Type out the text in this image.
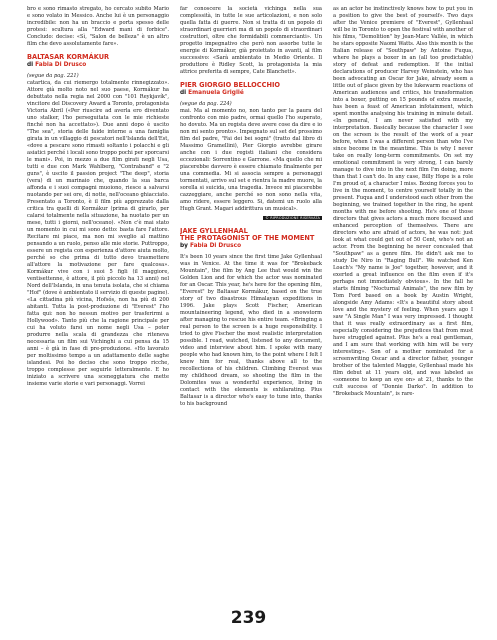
bro e sono rimasto stregato, ho cercato subito Mario e sono volato in Messico. Anche lui è un personaggio incredibile: non ha un braccio e porta spesso delle protesi: scultura alla "Edward mani di forbice". Concludo: decise: «Sì, "Salon de belleza" è un altro film che devo assolutamente fare».

BALTASAR KORMÁKUR
di Fabia Di Drusco

(segue da pag. 221)

catartica, da cui riemergo totalmente rinnegizzato». Attore già molto noto nel suo paese, Kormákur ha debuttato nella regia nel 2000 con "101 Reykjavík", vincitore del Discovery Award a Toronto, protagonista Victoria Abril («Per riuscire ad averla ero diventato uno stalker, l'ho perseguitata con le mie richieste finché non ha accettato»). Due anni dopo è uscito "The sea", storia delle faide interne a una famiglia girata in un villaggio di pescatori nell'Islanda dell'Est, «dove a pescare sono rimasti soltanto i polacchi e gli asiatici perché i locali sono troppo pochi per sporcarsi le mani». Poi, in mezzo a due film girati negli Usa, tutti e due con Mark Wahlberg, "Contraband" e "2 guns", è uscito il passion project "The deep", storia (vera) di un marinaio che, quando la sua barca affonda e i suoi compagni muoiono, riesce a salvarsi nuotando per sei ore, di notte, nell'oceano ghiacciato. Presentato a Toronto, è il film più apprezzato dalla critica tra quelli di Kormákur (prima di girarlo, per calarsi totalmente nella situazione, ha nuotato per un mese, tutti i giorni, nell'oceano). «Non c'è mai stato un momento in cui mi sono detto: basta fare l'attore. Recitare mi piace, ma non mi sveglio al mattino pensando a un ruolo, penso alle mie storie. Puttroppo, essere un regista con esperienza d'attore aiuta molto, perché so che prima di tutto devo trasmettere all'attore la motivazione per fare qualcosa». Kormákur vive con i suoi 5 figli (il maggiore, ventisettenne, è attore, il più piccolo ha 13 anni) nel Nord dell'Islanda, in una tenuta isolata, che si chiama "Hof" (dove è ambientato il servizio di queste pagine). «La cittadina più vicina, Hofsós, non ha più di 200 abitanti. Tutta la post-produzione di "Everest" l'ho fatta qui: non ho nessun motivo per trasferirmi a Hollywood». Tanto più che la ragione principale per cui ha voluto farsi un nome negli Usa – poter produrre nella scala di grandezza che riteneva necessaria un film sui Vichinghi a cui pensa da 15 anni – è già in fase di pre-produzione. «Ho lavorato per moltissimo tempo a un adattamento delle saghe islandesi. Poi ho deciso che sono troppo ricche, troppo complesse per seguirle letteralmente. E ho iniziato a scrivere una sceneggiatura che mette insieme varie storie e vari personaggi. Vorrei

far conoscere la società vichinga nella sua complessità, in tutte le sue articolazioni, e non solo quella fatta di guerre. Non si tratta di un popolo di straordinari guerrieri ma di un popolo di straordinari costruttori, oltre che formidabili commercianti». Un progetto impegnativo che però non assorbe tutte le energie di Kormákur, già proiettato in avanti, al film successivo: «Sarà ambientato in Medio Oriente. Il produttore è Ridley Scott, la protagonista la mia attrice preferita di sempre, Cate Blanchett».

PIER GIORGIO BELLOCCHIO
di Emanuela Griglié

(segue da pag. 224)

mai. Ma al momento no, non tanto per la paura del confronto con mio padre, ormai quello l'ho superato, ho dovuto. Ma un regista deve avere cose da dire e io non mi sento pronto». Impegnato sul set del prossimo film del padre, "Fai dei bei sogni" (tratto dal libro di Massimo Gramellini), Pier Giorgio avrebbe girare anche con i due registi italiani che considera eccezionali: Sorrentino e Garrone. «Ma quello che mi piacerebbe davvero è essere chiamato finalmente per una commedia. Mi si associa sempre a personaggi tormentati, arrivo sul set e rientra la madre muore, la sorella si suicida, una tragedia. Invece mi piacerebbe cazzeggiare, anche perché so non sono nella vita, amo ridere, essere leggero. Si, datemi un ruolo alla Hugh Grant. Magari addirittura un musical».

© RIPRODUZIONE RISERVATA
JAKE GYLLENHAAL
THE PROTAGONIST OF THE MOMENT
by Fabia Di Drusco

It's been 10 years since the first time Jake Gyllenhaal was in Venice. At the time it was for "Brokeback Mountain", the film by Ang Lee that would win the Golden Lion and for which the actor was nominated for an Oscar. This year, he's here for the opening film, "Everest" by Baltasar Kormákur, based on the true story of two disastrous Himalayan expeditions in 1996. Jake plays Scott Fischer, American mountaineering legend, who died in a snowstorm after managing to rescue his entire team. «Bringing a real person to the screen is a huge responsibility. I tried to give Fischer the most realistic interpretation possible. I read, watched, listened to any document, video and interview about him. I spoke with many people who had known him, to the point where I felt I knew him for real, thanks above all to the recollections of his children. Climbing Everest was my childhood dream, so shooting the film in the Dolomites was a wonderful experience, living in contact with the elements is exhilarating. Plus Baltasar is a director who's easy to tune into, thanks to his background

as an actor he instinctively knows how to put you in a position to give the best of yourself». Two days after the Venice premiere of "Everest", Gyllenhaal will be in Toronto to open the festival with another of his films, "Demolition" by Jean-Marc Vallée, in which he stars opposite Naomi Watts. Also this month is the Italian release of "Southpaw" by Antoine Fuqua, where he plays a boxer in an (all too predictable) story of defeat and redemption. If the initial declarations of producer Harvey Weinstein, who has been advocating an Oscar for Jake, already seem a little out of place given by the lukewarm reactions of American audiences and critics, his transformation into a boxer, putting on 15 pounds of extra muscle, has been a feast of American infotainment, which spent months analysing his training in minute detail. «In general, I am never satisfied with my interpretation. Basically because the character I see on the screen is the result of the work of a year before, when I was a different person than who I've since become in the meantime. This is why I never take on really long-term commitments. On set my emotional commitment is very strong, I can barely manage to dive into in the next film I'm doing, more than that I can't do. In any case, Billy Hope is a role I'm proud of, a character I miss. Boxing forces you to live in the moment, to centre yourself totally in the present. Fuqua and I understood each other from the beginning, we trained together in the ring, he spent months with me before shooting. He's one of those directors that gives actors a much more focused and enhanced perception of themselves. There are directors who are afraid of actors, he was not: just look at what could get out of 50 Cent, who's not an actor. From the beginning he never concealed that "Southpaw" as a genre film. He didn't ask me to study De Niro in "Raging Bull". We watched Ken Loach's "My name is Joe" together, however, and it exerted a great influence on the film even if it's perhaps not immediately obvious». In the fall he starts filming "Nocturnal Animals", the new film by Tom Ford based on a book by Austin Wright, alongside Amy Adams: «It's a beautiful story about love and the mystery of feeling. When years ago I saw "A Single Man" I was very impressed. I thought that it was really extraordinary as a first film, especially considering the prejudices that from must have struggled against. Plus he's a real gentleman, and I am sure that working with him will be very interesting». Son of a mother nominated for a screenwriting Oscar and a director father, younger brother of the talented Maggie, Gyllenhaal made his film debut at 11 years old, and was labeled as «someone to keep an eye on» at 21, thanks to the cult success of "Donnie Darko". In addition to "Brokeback Mountain", is rare-

239
